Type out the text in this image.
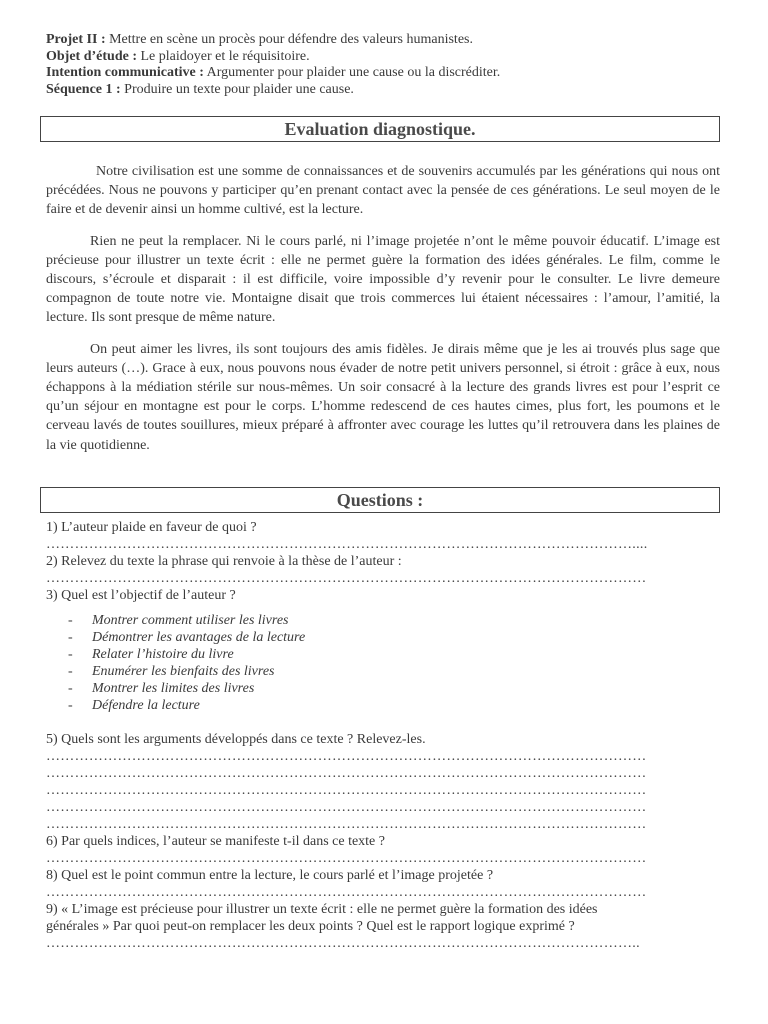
Projet II : Mettre en scène un procès pour défendre des valeurs humanistes.
Objet d’étude : Le plaidoyer et le réquisitoire.
Intention communicative : Argumenter pour plaider une cause ou la discréditer.
Séquence 1 : Produire un texte pour plaider une cause.
Evaluation diagnostique.

Notre civilisation est une somme de connaissances et de souvenirs accumulés par les générations qui nous ont précédées. Nous ne pouvons y participer qu’en prenant contact avec la pensée de ces générations. Le seul moyen de le faire et de devenir ainsi un homme cultivé, est la lecture.

Rien ne peut la remplacer. Ni le cours parlé, ni l’image projetée n’ont le même pouvoir éducatif. L’image est précieuse pour illustrer un texte écrit : elle ne permet guère la formation des idées générales. Le film, comme le discours, s’écroule et disparait : il est difficile, voire impossible d’y revenir pour le consulter. Le livre demeure compagnon de toute notre vie. Montaigne disait que trois commerces lui étaient nécessaires : l’amour, l’amitié, la lecture. Ils sont presque de même nature.

On peut aimer les livres, ils sont toujours des amis fidèles. Je dirais même que je les ai trouvés plus sage que leurs auteurs (…). Grace à eux, nous pouvons nous évader de notre petit univers personnel, si étroit : grâce à eux, nous échappons à la médiation stérile sur nous-mêmes. Un soir consacré à la lecture des grands livres est pour l’esprit ce qu’un séjour en montagne est pour le corps. L’homme redescend de ces hautes cimes, plus fort, les poumons et le cerveau lavés de toutes souillures, mieux préparé à affronter avec courage les luttes qu’il retrouvera dans les plaines de la vie quotidienne.

Questions :

1) L’auteur plaide en faveur de quoi ?

……………………………………………………………………………………………………………....

2) Relevez du texte la phrase qui renvoie à la thèse de l’auteur :

………………………………………………………………………………………………………………

3) Quel est l’objectif de l’auteur ?

- Montrer comment utiliser les livres
- Démontrer les avantages de la lecture
- Relater l’histoire du livre
- Enumérer les bienfaits des livres
- Montrer les limites des livres
- Défendre la lecture

5) Quels sont les arguments développés dans ce texte ? Relevez-les.

………………………………………………………………………………………………………………
………………………………………………………………………………………………………………
………………………………………………………………………………………………………………
………………………………………………………………………………………………………………
………………………………………………………………………………………………………………

6) Par quels indices, l’auteur se manifeste t-il dans ce texte ?

………………………………………………………………………………………………………………

8) Quel est le point commun entre la lecture, le cours parlé et l’image projetée ?

………………………………………………………………………………………………………………

9) « L’image est précieuse pour illustrer un texte écrit : elle ne permet guère la formation des idées

générales » Par quoi peut-on remplacer les deux points ? Quel est le rapport logique exprimé ?

……………………………………………………………………………………………………………..
